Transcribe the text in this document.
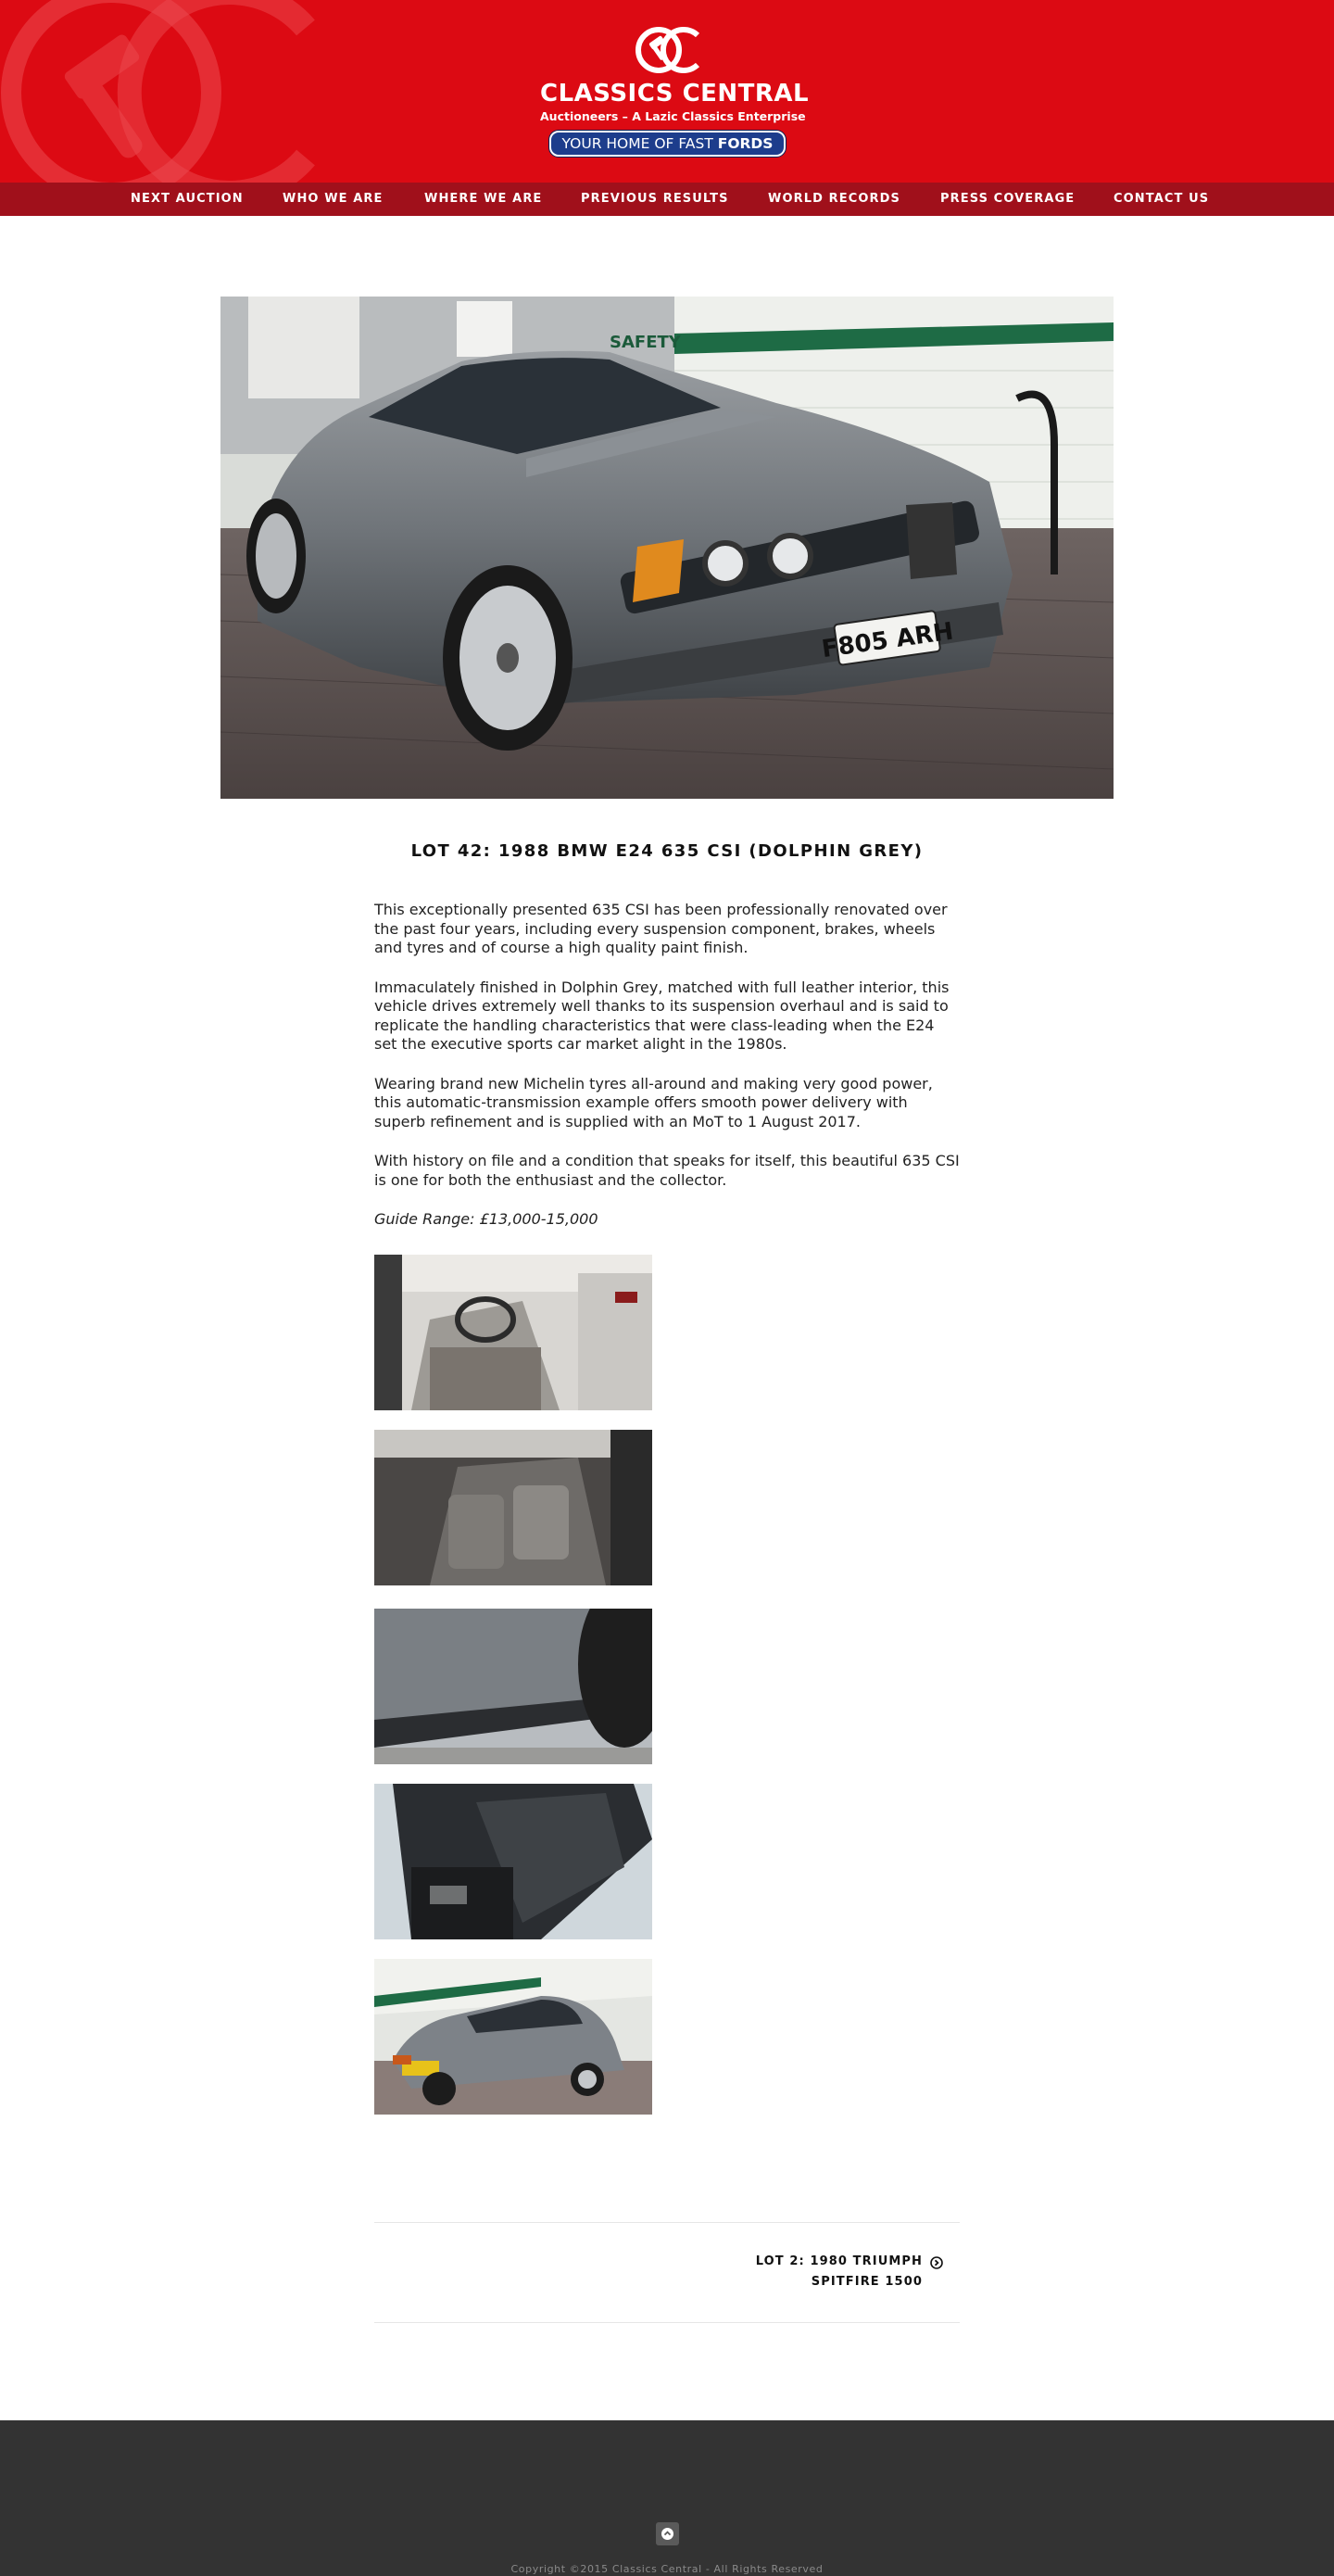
CLASSICS CENTRAL
Auctioneers – A Lazic Classics Enterprise
YOUR HOME OF FAST FORDS
NEXT AUCTION	WHO WE ARE	WHERE WE ARE	PREVIOUS RESULTS	WORLD RECORDS	PRESS COVERAGE	CONTACT US
SAFETY
F805 ARH
LOT 42: 1988 BMW E24 635 CSI (DOLPHIN GREY)

This exceptionally presented 635 CSI has been professionally renovated over the past four years, including every suspension component, brakes, wheels and tyres and of course a high quality paint finish.

Immaculately finished in Dolphin Grey, matched with full leather interior, this vehicle drives extremely well thanks to its suspension overhaul and is said to replicate the handling characteristics that were class-leading when the E24 set the executive sports car market alight in the 1980s.

Wearing brand new Michelin tyres all-around and making very good power, this automatic-transmission example offers smooth power delivery with superb refinement and is supplied with an MoT to 1 August 2017.

With history on file and a condition that speaks for itself, this beautiful 635 CSI is one for both the enthusiast and the collector.

Guide Range: £13,000-15,000

LOT 2: 1980 TRIUMPH SPITFIRE 1500
Copyright ©2015 Classics Central - All Rights Reserved
